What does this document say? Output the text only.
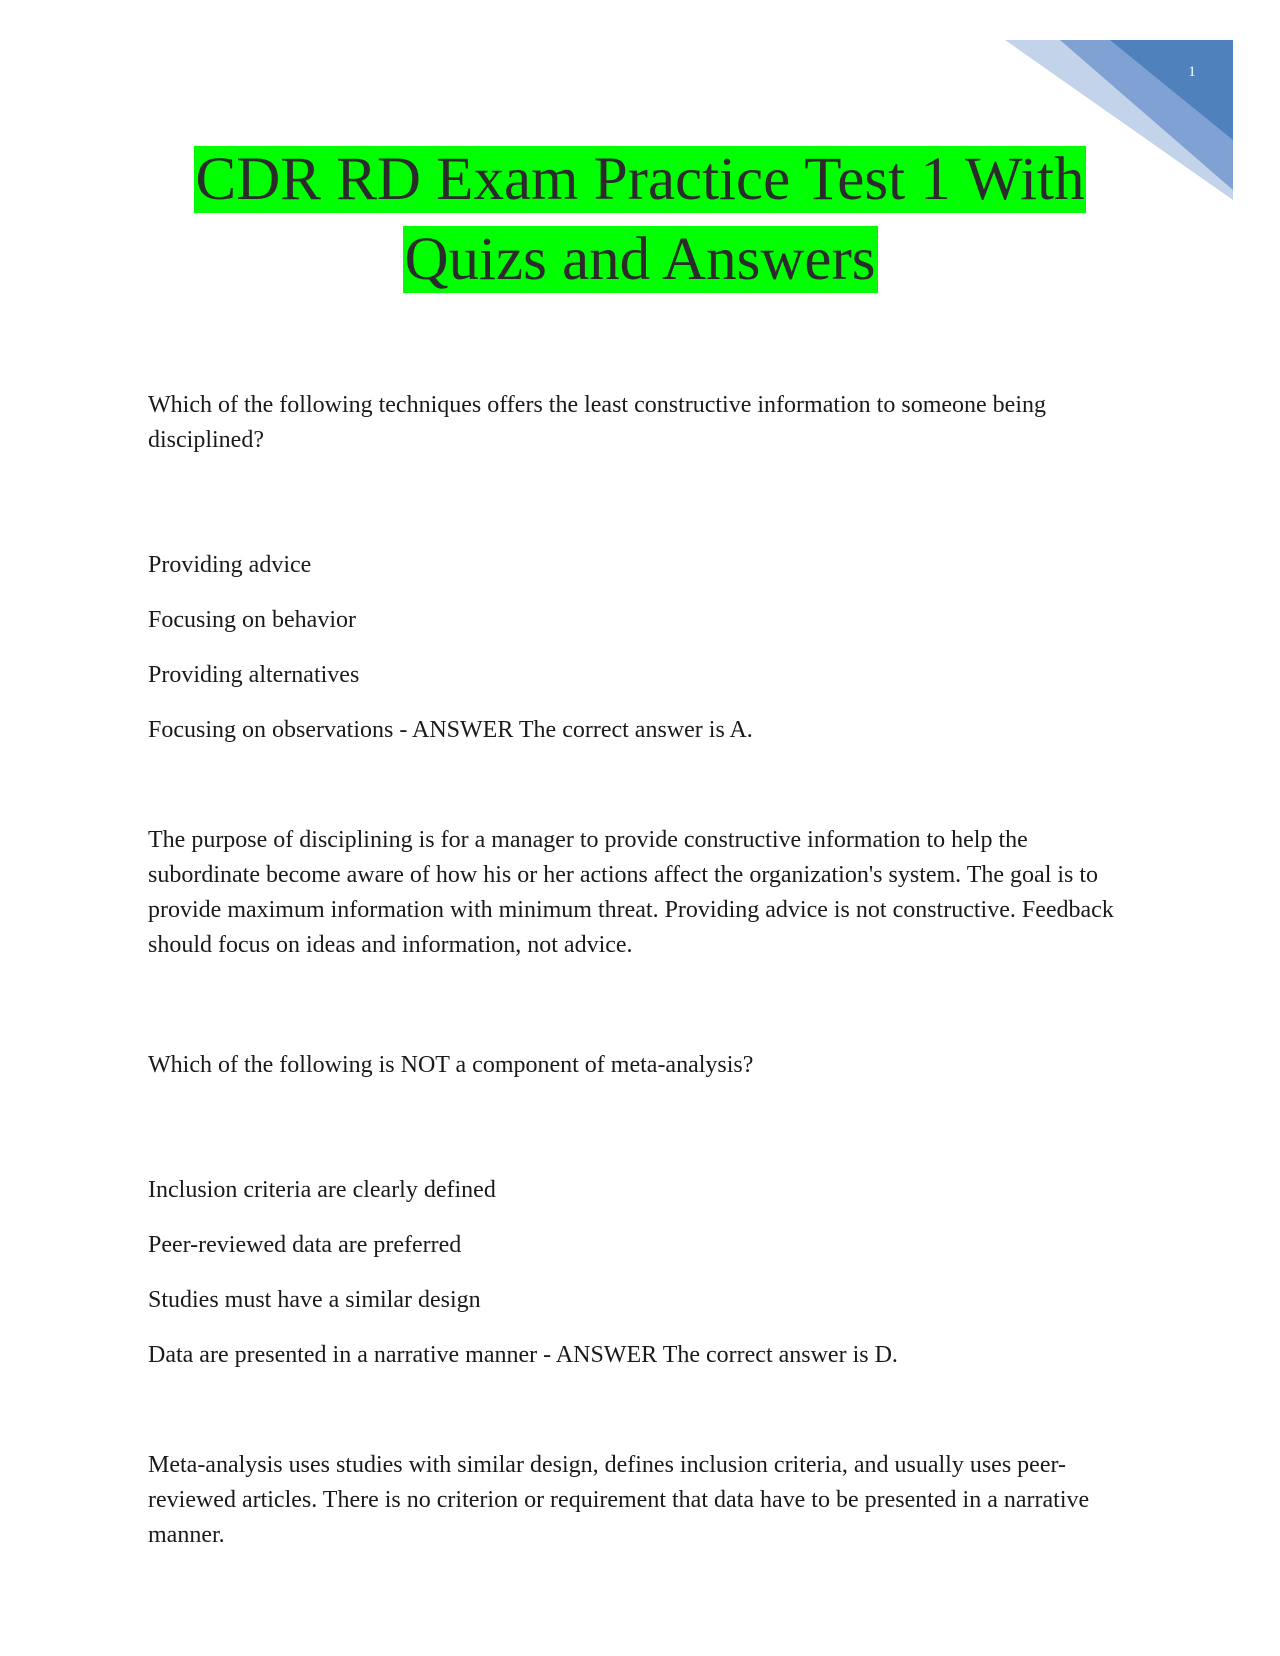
1
CDR RD Exam Practice Test 1 With
Quizs and Answers

Which of the following techniques offers the least constructive information to someone being disciplined?

Providing advice

Focusing on behavior

Providing alternatives

Focusing on observations - ANSWER The correct answer is A.

The purpose of disciplining is for a manager to provide constructive information to help the subordinate become aware of how his or her actions affect the organization's system. The goal is to provide maximum information with minimum threat. Providing advice is not constructive. Feedback should focus on ideas and information, not advice.

Which of the following is NOT a component of meta-analysis?

Inclusion criteria are clearly defined

Peer-reviewed data are preferred

Studies must have a similar design

Data are presented in a narrative manner - ANSWER The correct answer is D.

Meta-analysis uses studies with similar design, defines inclusion criteria, and usually uses peer-reviewed articles. There is no criterion or requirement that data have to be presented in a narrative manner.
